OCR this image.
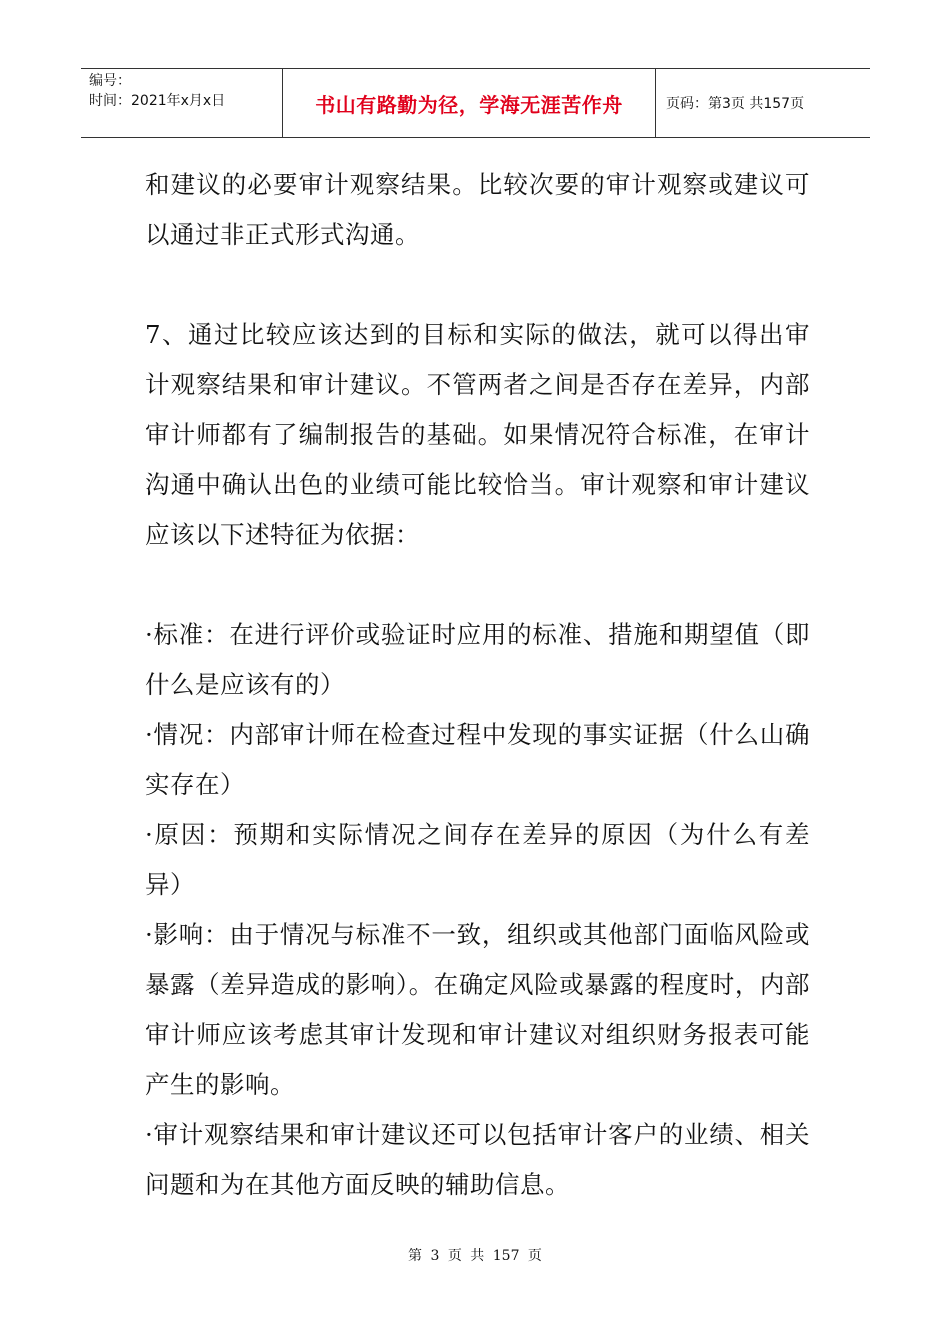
编号：
时间：2021年x月x日	书山有路勤为径，学海无涯苦作舟	页码：第3页 共157页

和建议的必要审计观察结果。比较次要的审计观察或建议可以通过非正式形式沟通。

7、通过比较应该达到的目标和实际的做法，就可以得出审计观察结果和审计建议。不管两者之间是否存在差异，内部审计师都有了编制报告的基础。如果情况符合标准，在审计沟通中确认出色的业绩可能比较恰当。审计观察和审计建议应该以下述特征为依据：

·标准：在进行评价或验证时应用的标准、措施和期望值（即什么是应该有的）

·情况：内部审计师在检查过程中发现的事实证据（什么山确实存在）

·原因：预期和实际情况之间存在差异的原因（为什么有差异）

·影响：由于情况与标准不一致，组织或其他部门面临风险或暴露（差异造成的影响）。在确定风险或暴露的程度时，内部审计师应该考虑其审计发现和审计建议对组织财务报表可能产生的影响。

·审计观察结果和审计建议还可以包括审计客户的业绩、相关问题和为在其他方面反映的辅助信息。

第 3 页 共 157 页
